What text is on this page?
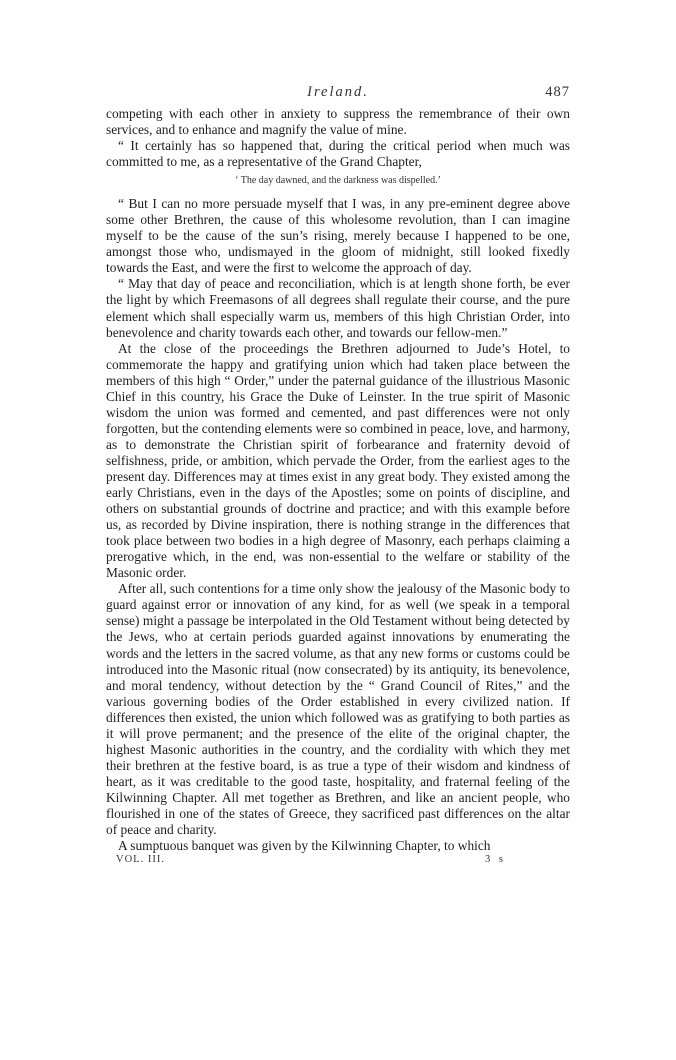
Ireland.	487

competing with each other in anxiety to suppress the remembrance of their own services, and to enhance and magnify the value of mine.

“ It certainly has so happened that, during the critical period when much was committed to me, as a representative of the Grand Chapter,

‘ The day dawned, and the darkness was dispelled.’

“ But I can no more persuade myself that I was, in any pre-eminent degree above some other Brethren, the cause of this wholesome revolution, than I can imagine myself to be the cause of the sun’s rising, merely because I happened to be one, amongst those who, undismayed in the gloom of midnight, still looked fixedly towards the East, and were the first to welcome the approach of day.

“ May that day of peace and reconciliation, which is at length shone forth, be ever the light by which Freemasons of all degrees shall regulate their course, and the pure element which shall especially warm us, members of this high Christian Order, into benevolence and charity towards each other, and towards our fellow-men.”

At the close of the proceedings the Brethren adjourned to Jude’s Hotel, to commemorate the happy and gratifying union which had taken place between the members of this high “ Order,” under the paternal guidance of the illustrious Masonic Chief in this country, his Grace the Duke of Leinster. In the true spirit of Masonic wisdom the union was formed and cemented, and past differences were not only forgotten, but the contending elements were so combined in peace, love, and harmony, as to demonstrate the Christian spirit of forbearance and fraternity devoid of selfishness, pride, or ambition, which pervade the Order, from the earliest ages to the present day. Differences may at times exist in any great body. They existed among the early Christians, even in the days of the Apostles; some on points of discipline, and others on substantial grounds of doctrine and practice; and with this example before us, as recorded by Divine inspiration, there is nothing strange in the differences that took place between two bodies in a high degree of Masonry, each perhaps claiming a prerogative which, in the end, was non-essential to the welfare or stability of the Masonic order.

After all, such contentions for a time only show the jealousy of the Masonic body to guard against error or innovation of any kind, for as well (we speak in a temporal sense) might a passage be interpolated in the Old Testament without being detected by the Jews, who at certain periods guarded against innovations by enumerating the words and the letters in the sacred volume, as that any new forms or customs could be introduced into the Masonic ritual (now consecrated) by its antiquity, its benevolence, and moral tendency, without detection by the “ Grand Council of Rites,” and the various governing bodies of the Order established in every civilized nation. If differences then existed, the union which followed was as gratifying to both parties as it will prove permanent; and the presence of the elite of the original chapter, the highest Masonic authorities in the country, and the cordiality with which they met their brethren at the festive board, is as true a type of their wisdom and kindness of heart, as it was creditable to the good taste, hospitality, and fraternal feeling of the Kilwinning Chapter. All met together as Brethren, and like an ancient people, who flourished in one of the states of Greece, they sacrificed past differences on the altar of peace and charity.

A sumptuous banquet was given by the Kilwinning Chapter, to which

VOL. III.	3 s
